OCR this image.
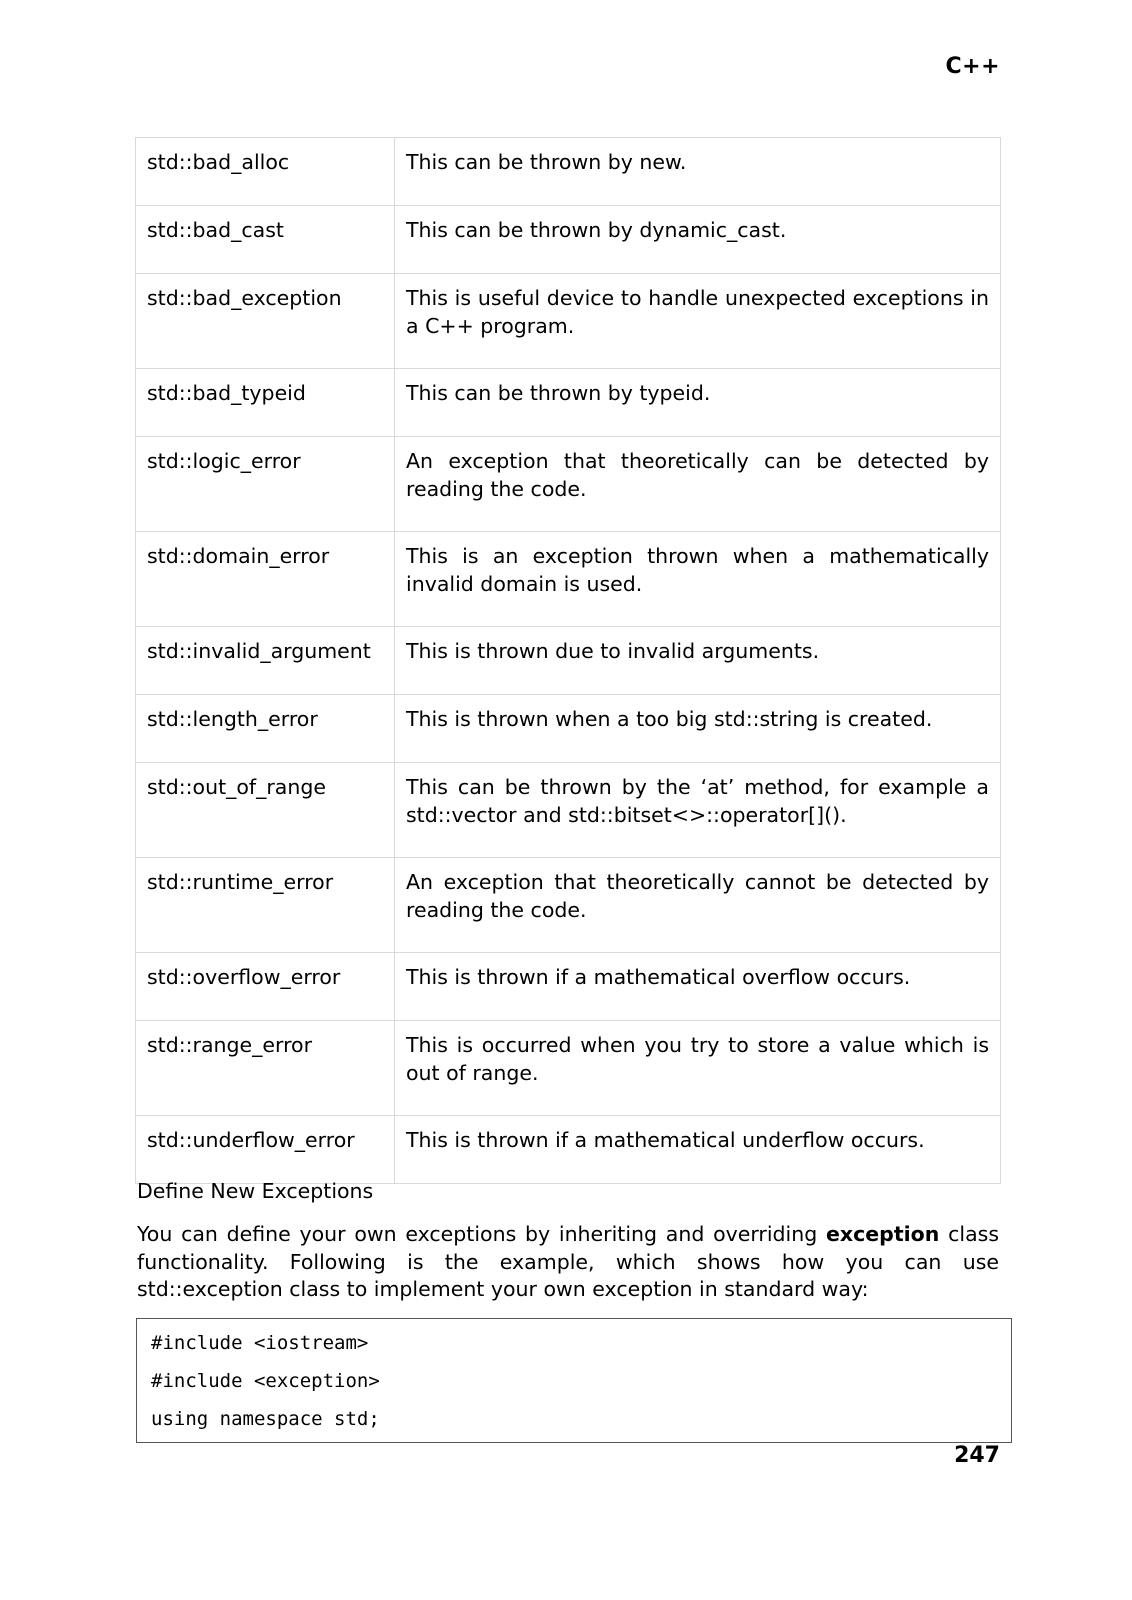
C++
std::bad_alloc	This can be thrown by new.
std::bad_cast	This can be thrown by dynamic_cast.
std::bad_exception	This is useful device to handle unexpected exceptions in a C++ program.
std::bad_typeid	This can be thrown by typeid.
std::logic_error	An exception that theoretically can be detected by reading the code.
std::domain_error	This is an exception thrown when a mathematically invalid domain is used.
std::invalid_argument	This is thrown due to invalid arguments.
std::length_error	This is thrown when a too big std::string is created.
std::out_of_range	This can be thrown by the ‘at’ method, for example a std::vector and std::bitset<>::operator[]().
std::runtime_error	An exception that theoretically cannot be detected by reading the code.
std::overflow_error	This is thrown if a mathematical overflow occurs.
std::range_error	This is occurred when you try to store a value which is out of range.
std::underflow_error	This is thrown if a mathematical underflow occurs.
Define New Exceptions

You can define your own exceptions by inheriting and overriding exception class functionality. Following is the example, which shows how you can use std::exception class to implement your own exception in standard way:

#include <iostream>
#include <exception>
using namespace std;
247
